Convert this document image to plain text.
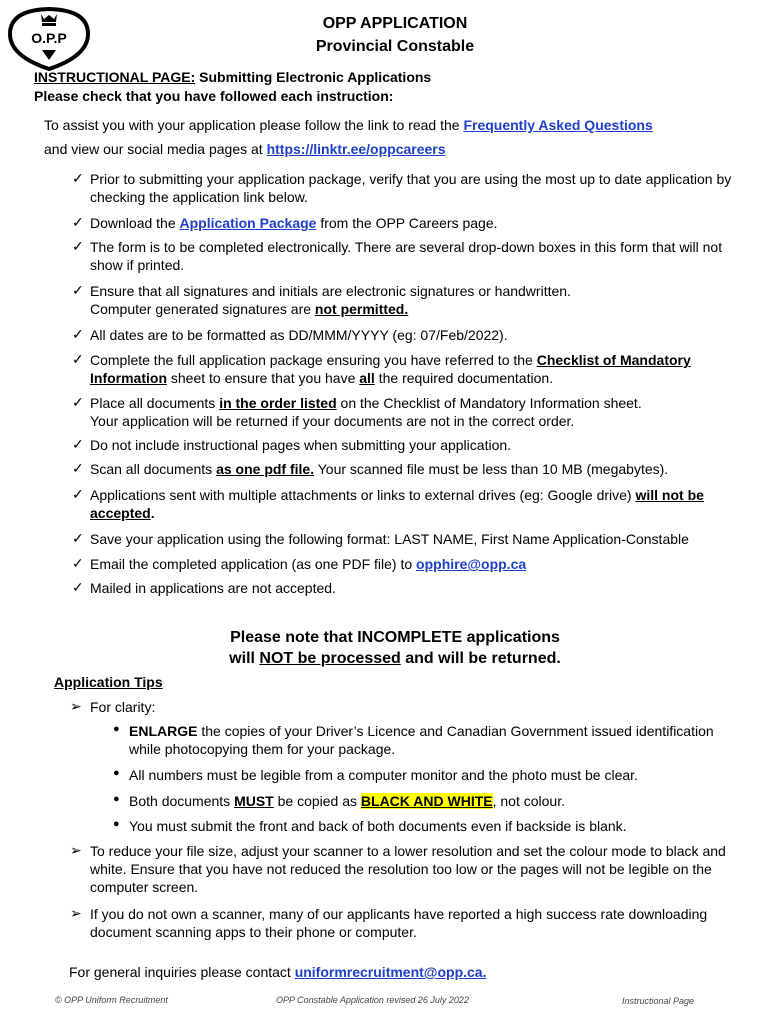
O.P.P
OPP APPLICATION
Provincial Constable
INSTRUCTIONAL PAGE: Submitting Electronic Applications
Please check that you have followed each instruction:
To assist you with your application please follow the link to read the Frequently Asked Questions
and view our social media pages at https://linktr.ee/oppcareers
✓ Prior to submitting your application package, verify that you are using the most up to date application by checking the application link below.
✓ Download the Application Package from the OPP Careers page.
✓ The form is to be completed electronically. There are several drop-down boxes in this form that will not show if printed.
✓ Ensure that all signatures and initials are electronic signatures or handwritten.
Computer generated signatures are not permitted.
✓ All dates are to be formatted as DD/MMM/YYYY (eg: 07/Feb/2022).
✓ Complete the full application package ensuring you have referred to the Checklist of Mandatory Information sheet to ensure that you have all the required documentation.
✓ Place all documents in the order listed on the Checklist of Mandatory Information sheet.
Your application will be returned if your documents are not in the correct order.
✓ Do not include instructional pages when submitting your application.
✓ Scan all documents as one pdf file. Your scanned file must be less than 10 MB (megabytes).
✓ Applications sent with multiple attachments or links to external drives (eg: Google drive) will not be accepted.
✓ Save your application using the following format: LAST NAME, First Name Application-Constable
✓ Email the completed application (as one PDF file) to opphire@opp.ca
✓ Mailed in applications are not accepted.
Please note that INCOMPLETE applications
will NOT be processed and will be returned.
Application Tips
➢ For clarity:
● ENLARGE the copies of your Driver’s Licence and Canadian Government issued identification while photocopying them for your package.
● All numbers must be legible from a computer monitor and the photo must be clear.
● Both documents MUST be copied as BLACK AND WHITE, not colour.
● You must submit the front and back of both documents even if backside is blank.
➢ To reduce your file size, adjust your scanner to a lower resolution and set the colour mode to black and white. Ensure that you have not reduced the resolution too low or the pages will not be legible on the computer screen.
➢ If you do not own a scanner, many of our applicants have reported a high success rate downloading document scanning apps to their phone or computer.
For general inquiries please contact uniformrecruitment@opp.ca.
© OPP Uniform Recruitment	OPP Constable Application revised 26 July 2022	Instructional Page
